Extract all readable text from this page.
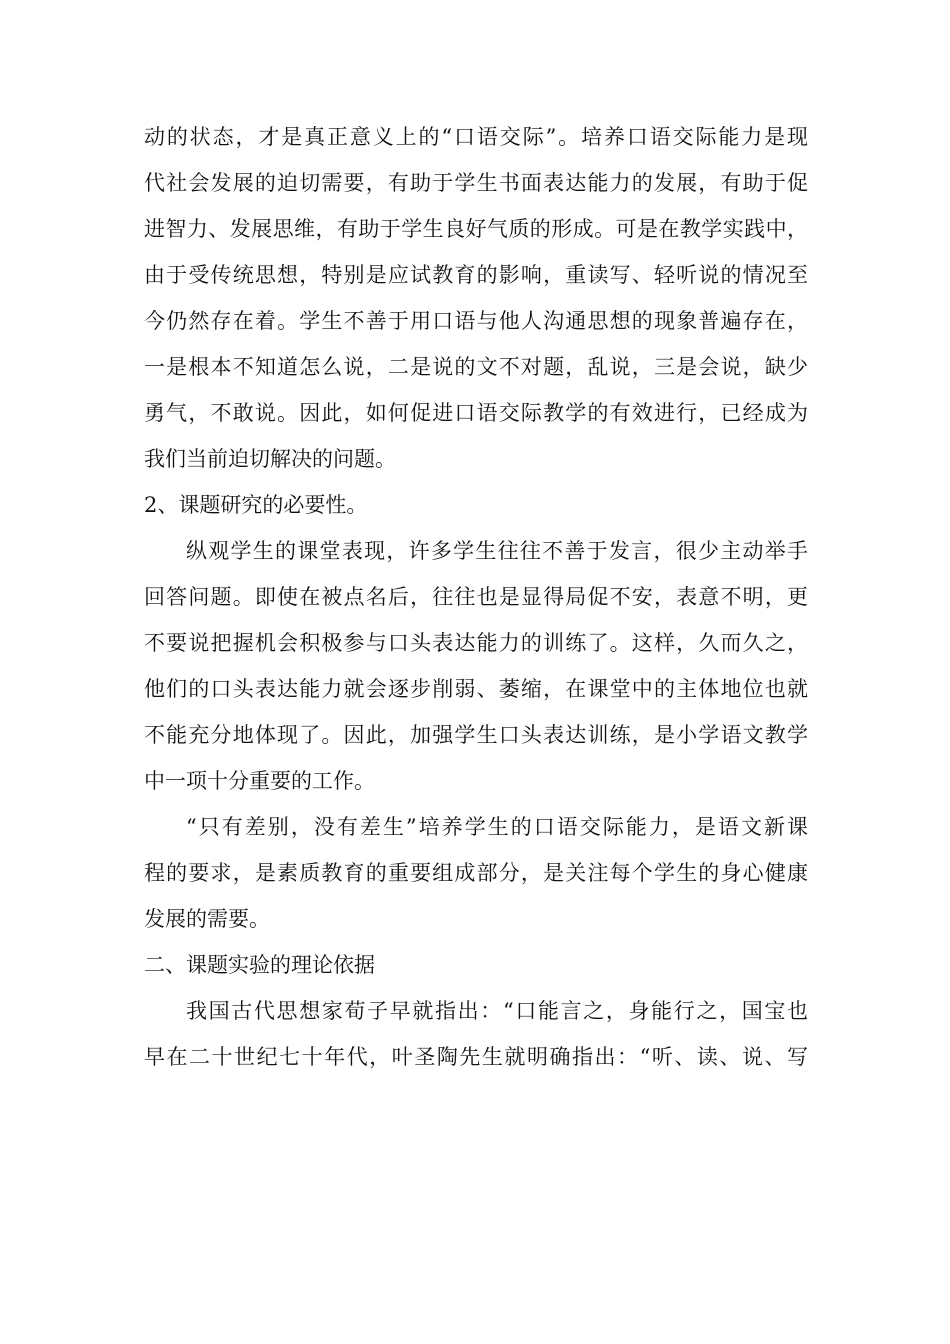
动的状态，才是真正意义上的“口语交际”。培养口语交际能力是现
代社会发展的迫切需要，有助于学生书面表达能力的发展，有助于促
进智力、发展思维，有助于学生良好气质的形成。可是在教学实践中，
由于受传统思想，特别是应试教育的影响，重读写、轻听说的情况至
今仍然存在着。学生不善于用口语与他人沟通思想的现象普遍存在，
一是根本不知道怎么说，二是说的文不对题，乱说，三是会说，缺少
勇气，不敢说。因此，如何促进口语交际教学的有效进行，已经成为
我们当前迫切解决的问题。
2、课题研究的必要性。
纵观学生的课堂表现，许多学生往往不善于发言，很少主动举手
回答问题。即使在被点名后，往往也是显得局促不安，表意不明，更
不要说把握机会积极参与口头表达能力的训练了。这样，久而久之，
他们的口头表达能力就会逐步削弱、萎缩，在课堂中的主体地位也就
不能充分地体现了。因此，加强学生口头表达训练，是小学语文教学
中一项十分重要的工作。
“只有差别，没有差生”培养学生的口语交际能力，是语文新课
程的要求，是素质教育的重要组成部分，是关注每个学生的身心健康
发展的需要。
二、课题实验的理论依据
我国古代思想家荀子早就指出：“口能言之，身能行之，国宝也
早在二十世纪七十年代，叶圣陶先生就明确指出：“听、读、说、写
